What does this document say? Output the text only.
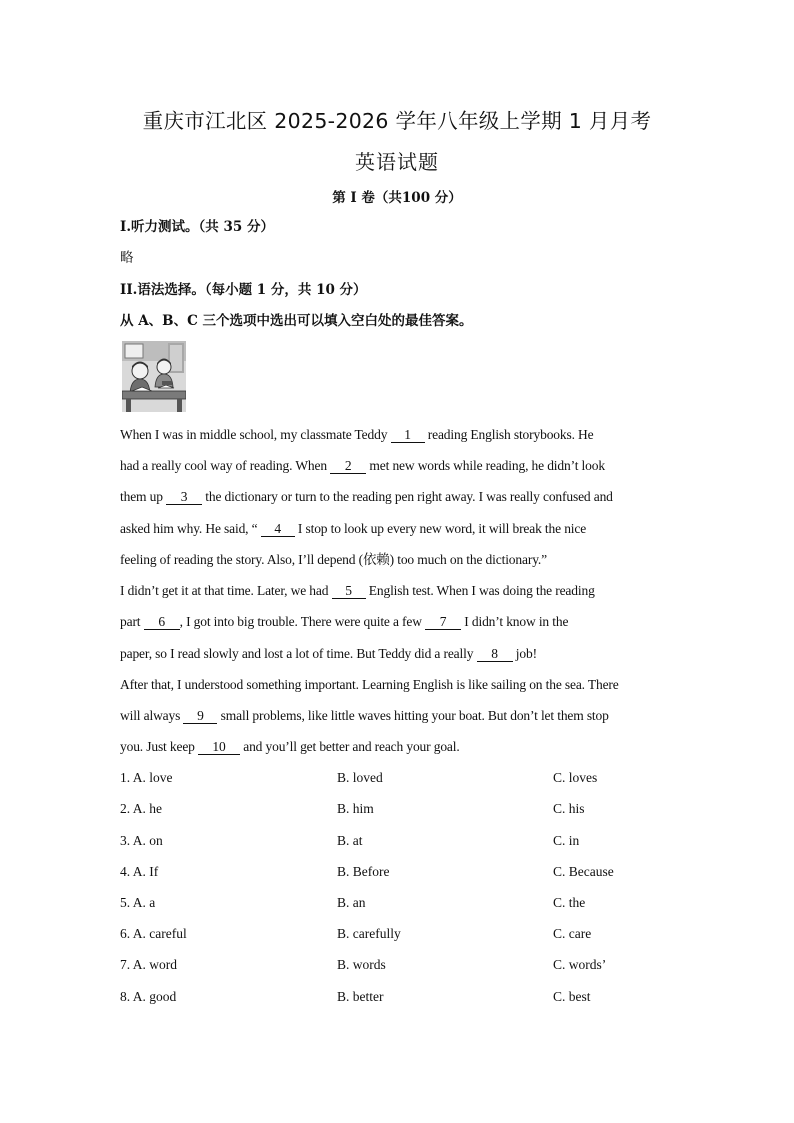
重庆市江北区 2025-2026 学年八年级上学期 1 月月考
英语试题
第 I 卷（共100 分）
I.听力测试。（共 35 分）
略
II.语法选择。（每小题 1 分，共 10 分）
从 A、B、C 三个选项中选出可以填入空白处的最佳答案。
When I was in middle school, my classmate Teddy 1 reading English storybooks. He
had a really cool way of reading. When 2 met new words while reading, he didn’t look
them up 3 the dictionary or turn to the reading pen right away. I was really confused and
asked him why. He said, “ 4 I stop to look up every new word, it will break the nice
feeling of reading the story. Also, I’ll depend (依赖) too much on the dictionary.”
I didn’t get it at that time. Later, we had 5 English test. When I was doing the reading
part 6 , I got into big trouble. There were quite a few 7 I didn’t know in the
paper, so I read slowly and lost a lot of time. But Teddy did a really 8 job!
After that, I understood something important. Learning English is like sailing on the sea. There
will always 9 small problems, like little waves hitting your boat. But don’t let them stop
you. Just keep 10 and you’ll get better and reach your goal.
1. A. love	B. loved	C. loves
2. A. he	B. him	C. his
3. A. on	B. at	C. in
4. A. If	B. Before	C. Because
5. A. a	B. an	C. the
6. A. careful	B. carefully	C. care
7. A. word	B. words	C. words’
8. A. good	B. better	C. best
